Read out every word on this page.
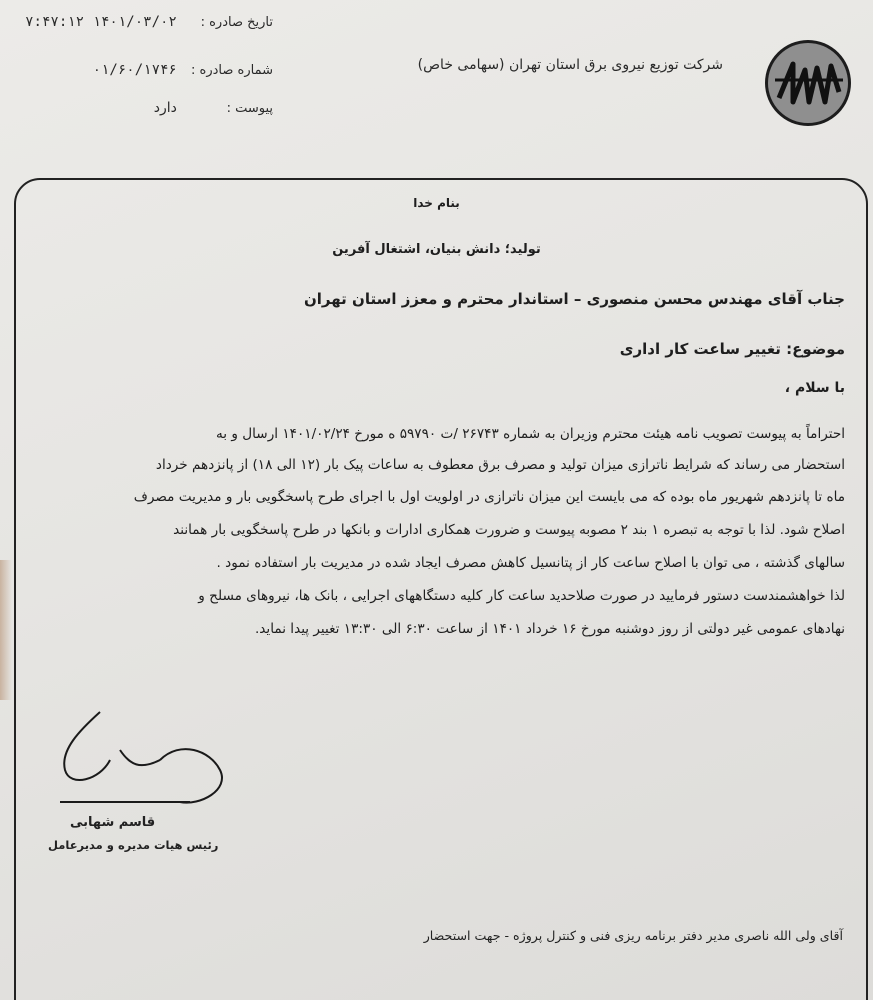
شرکت توزیع نیروی برق استان تهران (سهامی خاص)
تاریخ صادره : ۱۴۰۱/۰۳/۰۲ ۷:۴۷:۱۲
شماره صادره : ۰۱/۶۰/۱۷۴۶
پیوست : دارد
بنام خدا
تولید؛ دانش بنیان، اشتغال آفرین
جناب آقای مهندس محسن منصوری – استاندار محترم و معزز استان تهران
موضوع: تغییر ساعت کار اداری
با سلام ،
احتراماً به پیوست تصویب نامه هیئت محترم وزیران به شماره ۲۶۷۴۳ /ت ۵۹۷۹۰ ه مورخ ۱۴۰۱/۰۲/۲۴ ارسال و به
استحضار می رساند که شرایط ناترازی میزان تولید و مصرف برق معطوف به ساعات پیک بار (۱۲ الی ۱۸) از پانزدهم خرداد
ماه تا پانزدهم شهریور ماه بوده که می بایست این میزان ناترازی در اولویت اول با اجرای طرح پاسخگویی بار و مدیریت مصرف
اصلاح شود. لذا با توجه به تبصره ۱ بند ۲ مصوبه پیوست و ضرورت همکاری ادارات و بانکها در طرح پاسخگویی بار همانند
سالهای گذشته ، می توان با اصلاح ساعت کار از پتانسیل کاهش مصرف ایجاد شده در مدیریت بار استفاده نمود .
لذا خواهشمندست دستور فرمایید در صورت صلاحدید ساعت کار کلیه دستگاههای اجرایی ، بانک ها، نیروهای مسلح و
نهادهای عمومی غیر دولتی از روز دوشنبه مورخ ۱۶ خرداد ۱۴۰۱ از ساعت ۶:۳۰ الی ۱۳:۳۰ تغییر پیدا نماید.
قاسم شهابی
رئیس هیات مدیره و مدیرعامل
آقای ولی الله ناصری مدیر دفتر برنامه ریزی فنی و کنترل پروژه - جهت استحضار
